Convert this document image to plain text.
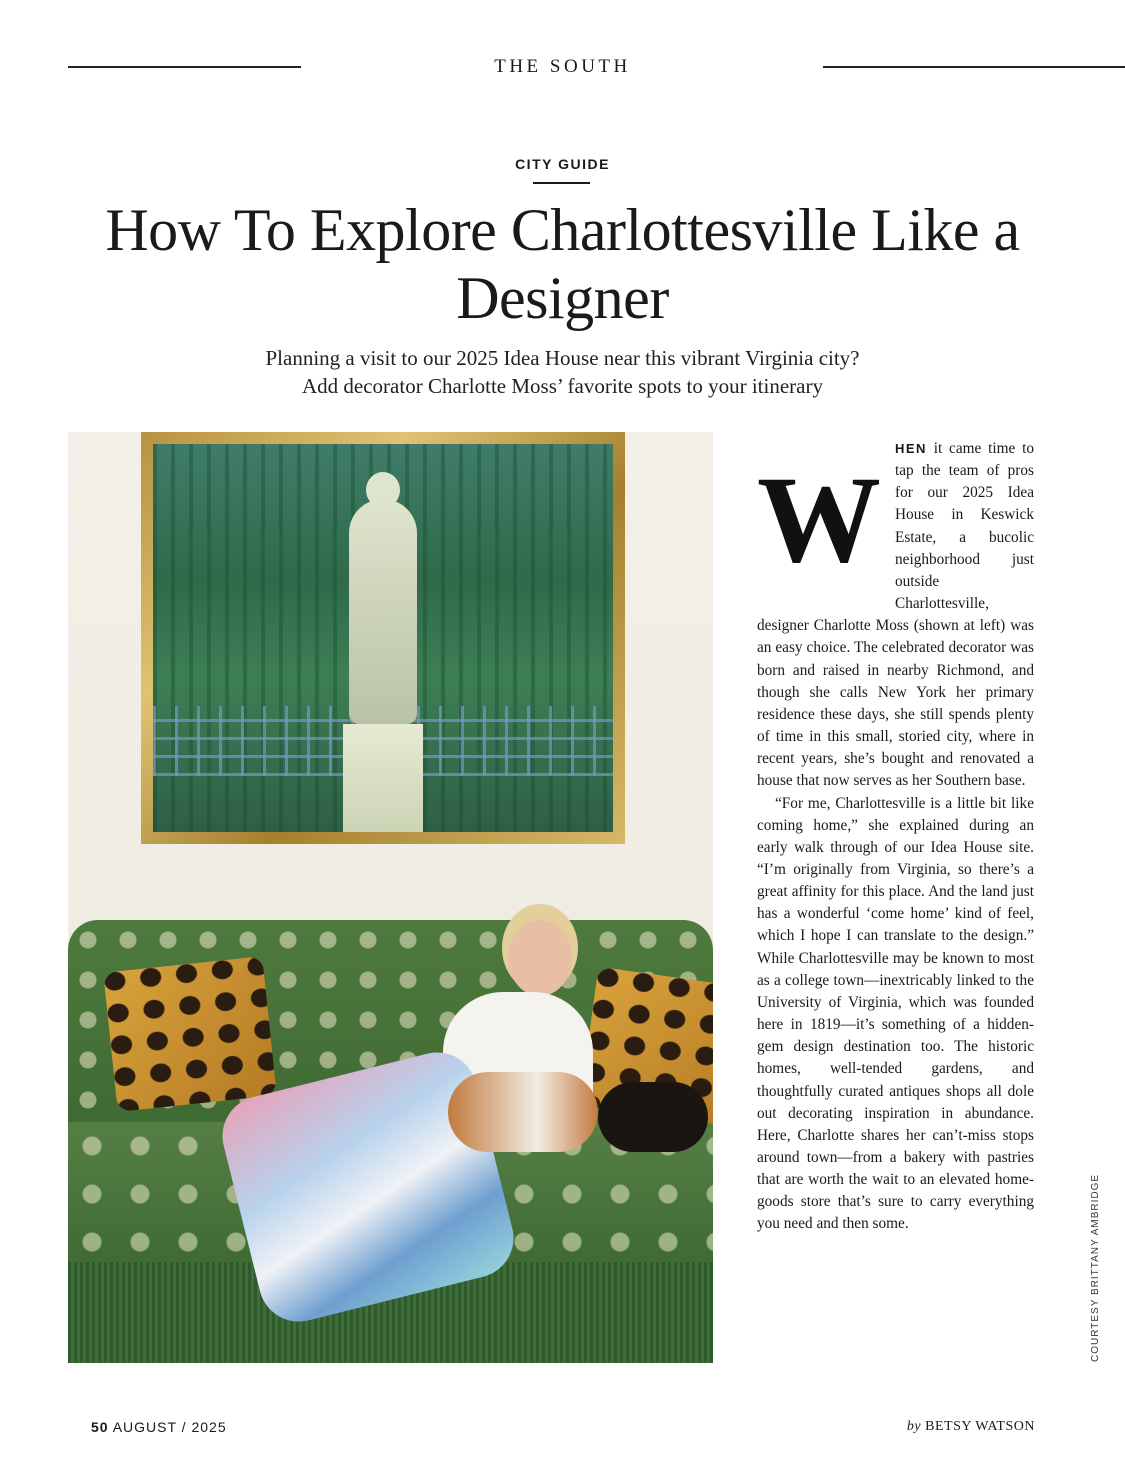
THE SOUTH
CITY GUIDE
How To Explore Charlottesville Like a Designer
Planning a visit to our 2025 Idea House near this vibrant Virginia city?
Add decorator Charlotte Moss’ favorite spots to your itinerary

W
HEN it came time to tap the team of pros for our 2025 Idea House in Keswick Estate, a bucolic neighborhood just outside Charlottesville, designer Charlotte Moss (shown at left) was an easy choice. The celebrated decorator was born and raised in nearby Richmond, and though she calls New York her primary residence these days, she still spends plenty of time in this small, storied city, where in recent years, she’s bought and renovated a house that now serves as her Southern base.

“For me, Charlottesville is a little bit like coming home,” she explained during an early walk through of our Idea House site. “I’m originally from Virginia, so there’s a great affinity for this place. And the land just has a wonderful ‘come home’ kind of feel, which I hope I can translate to the design.” While Charlottesville may be known to most as a college town—inextricably linked to the University of Virginia, which was founded here in 1819—it’s something of a hidden-gem design destination too. The historic homes, well-tended gardens, and thoughtfully curated antiques shops all dole out decorating inspiration in abundance. Here, Charlotte shares her can’t-miss stops around town—from a bakery with pastries that are worth the wait to an elevated home-goods store that’s sure to carry everything you need and then some.	COURTESY BRITTANY AMBRIDGE
50 AUGUST / 2025	by BETSY WATSON
